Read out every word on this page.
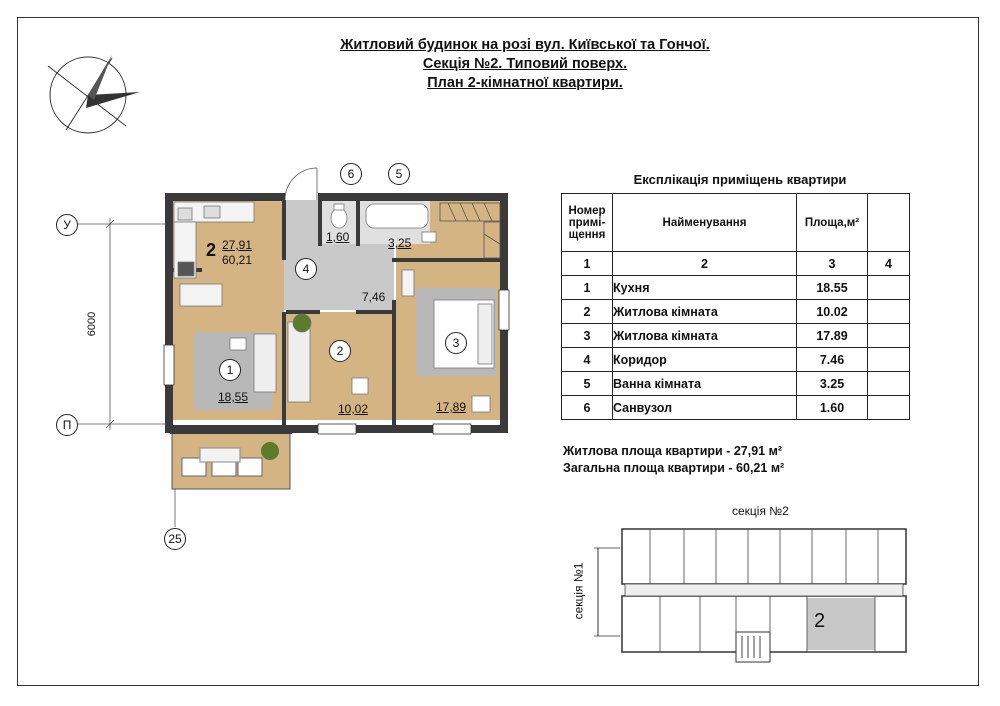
Житловий будинок на розі вул. Київської та Гончої.
Секція №2. Типовий поверх.
План 2-кімнатної квартири.
У
П
25
6000
6	5
4
2 27,91
60,21
1
18,55
2
10,02
3
17,89
7,46
3,25
1,60
Експлікація приміщень квартири
Номер примі-щення	Найменування	Площа,м²	
1	2	3	4
1	Кухня	18.55	
2	Житлова кімната	10.02	
3	Житлова кімната	17.89	
4	Коридор	7.46	
5	Ванна кімната	3.25	
6	Санвузол	1.60	
Житлова площа квартири - 27,91 м²
Загальна площа квартири - 60,21 м²
секція №2
секція №1
2
